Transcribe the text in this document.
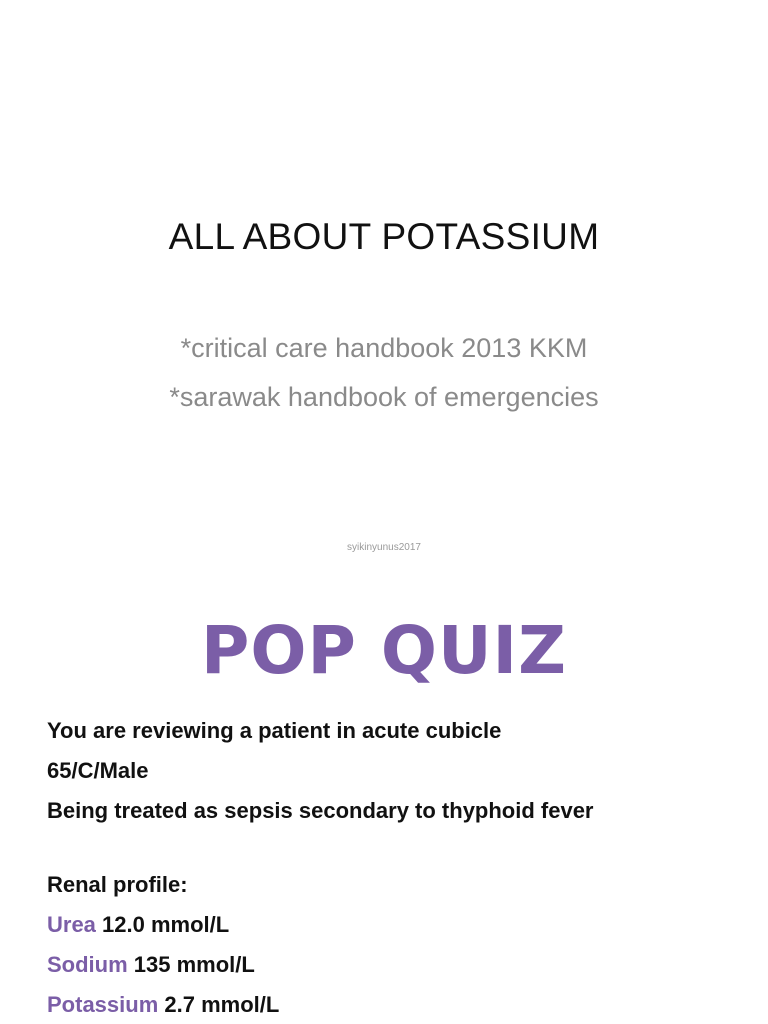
ALL ABOUT POTASSIUM
*critical care handbook 2013 KKM
*sarawak handbook of emergencies
syikinyunus2017
POP QUIZ
You are reviewing a patient in acute cubicle
65/C/Male
Being treated as sepsis secondary to thyphoid fever
Renal profile:
Urea 12.0 mmol/L
Sodium 135 mmol/L
Potassium 2.7 mmol/L
